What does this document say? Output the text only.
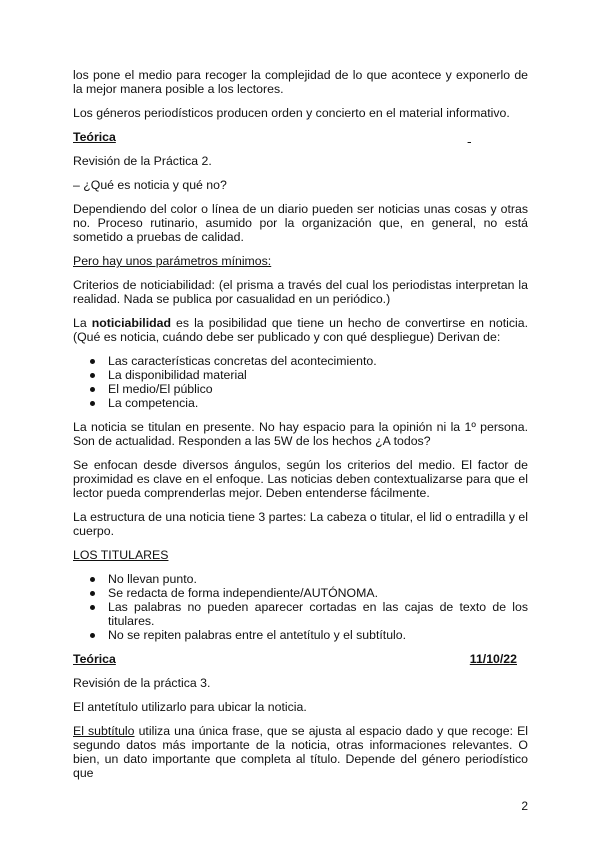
los pone el medio para recoger la complejidad de lo que acontece y exponerlo de la mejor manera posible a los lectores.

Los géneros periodísticos producen orden y concierto en el material informativo.

Teórica

Revisión de la Práctica 2.

– ¿Qué es noticia y qué no?

Dependiendo del color o línea de un diario pueden ser noticias unas cosas y otras no. Proceso rutinario, asumido por la organización que, en general, no está sometido a pruebas de calidad.

Pero hay unos parámetros mínimos:

Criterios de noticiabilidad: (el prisma a través del cual los periodistas interpretan la realidad. Nada se publica por casualidad en un periódico.)

La noticiabilidad es la posibilidad que tiene un hecho de convertirse en noticia. (Qué es noticia, cuándo debe ser publicado y con qué despliegue) Derivan de:

Las características concretas del acontecimiento.
La disponibilidad material
El medio/El público
La competencia.

La noticia se titulan en presente. No hay espacio para la opinión ni la 1º persona. Son de actualidad. Responden a las 5W de los hechos ¿A todos?

Se enfocan desde diversos ángulos, según los criterios del medio. El factor de proximidad es clave en el enfoque. Las noticias deben contextualizarse para que el lector pueda comprenderlas mejor. Deben entenderse fácilmente.

La estructura de una noticia tiene 3 partes: La cabeza o titular, el lid o entradilla y el cuerpo.

LOS TITULARES

No llevan punto.
Se redacta de forma independiente/AUTÓNOMA.
Las palabras no pueden aparecer cortadas en las cajas de texto de los titulares.
No se repiten palabras entre el antetítulo y el subtítulo.
Teórica	11/10/22

Revisión de la práctica 3.

El antetítulo utilizarlo para ubicar la noticia.

El subtítulo utiliza una única frase, que se ajusta al espacio dado y que recoge: El segundo datos más importante de la noticia, otras informaciones relevantes. O bien, un dato importante que completa al título. Depende del género periodístico que

2
